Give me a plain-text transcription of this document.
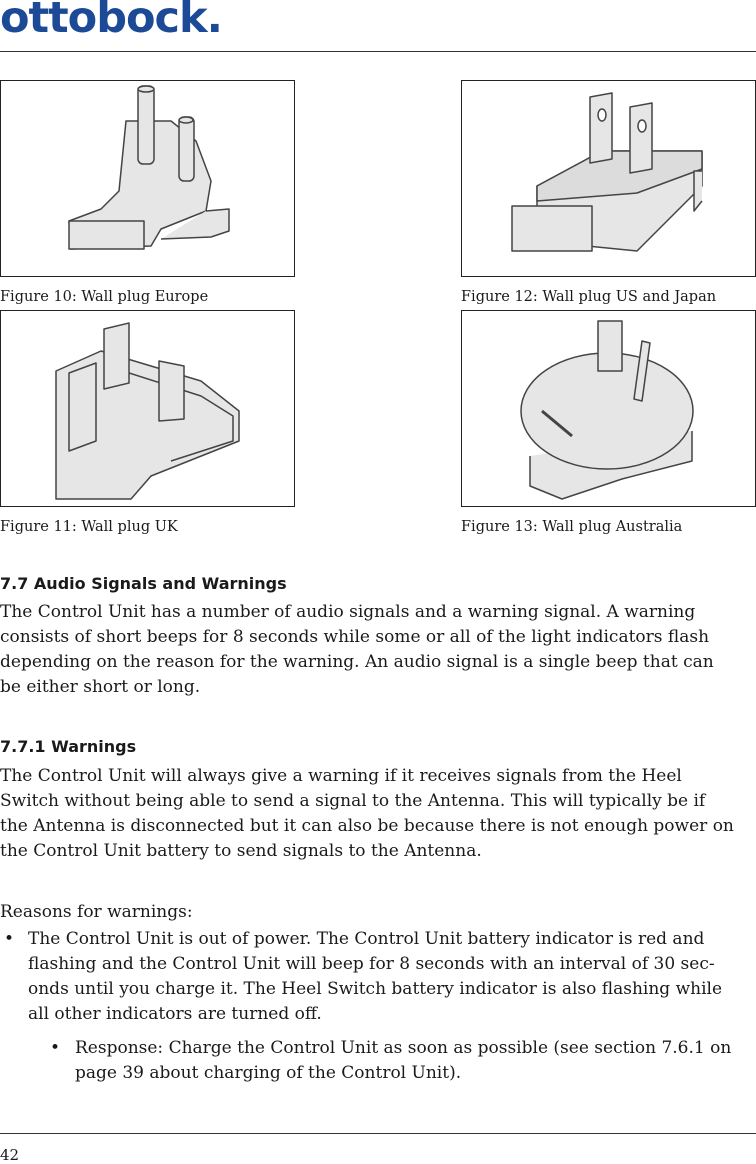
ottobock.
Figure 10: Wall plug Europe	Figure 12: Wall plug US and Japan
Figure 11: Wall plug UK	Figure 13: Wall plug Australia
7.7 Audio Signals and Warnings
The Control Unit has a number of audio signals and a warning signal. A warning
consists of short beeps for 8 seconds while some or all of the light indicators flash
depending on the reason for the warning. An audio signal is a single beep that can
be either short or long.
7.7.1 Warnings
The Control Unit will always give a warning if it receives signals from the Heel
Switch without being able to send a signal to the Antenna. This will typically be if
the Antenna is disconnected but it can also be because there is not enough power on
the Control Unit battery to send signals to the Antenna.
Reasons for warnings:
• The Control Unit is out of power. The Control Unit battery indicator is red and
flashing and the Control Unit will beep for 8 seconds with an interval of 30 sec-
onds until you charge it. The Heel Switch battery indicator is also flashing while
all other indicators are turned off.
• Response: Charge the Control Unit as soon as possible (see section 7.6.1 on
page 39 about charging of the Control Unit).
42
